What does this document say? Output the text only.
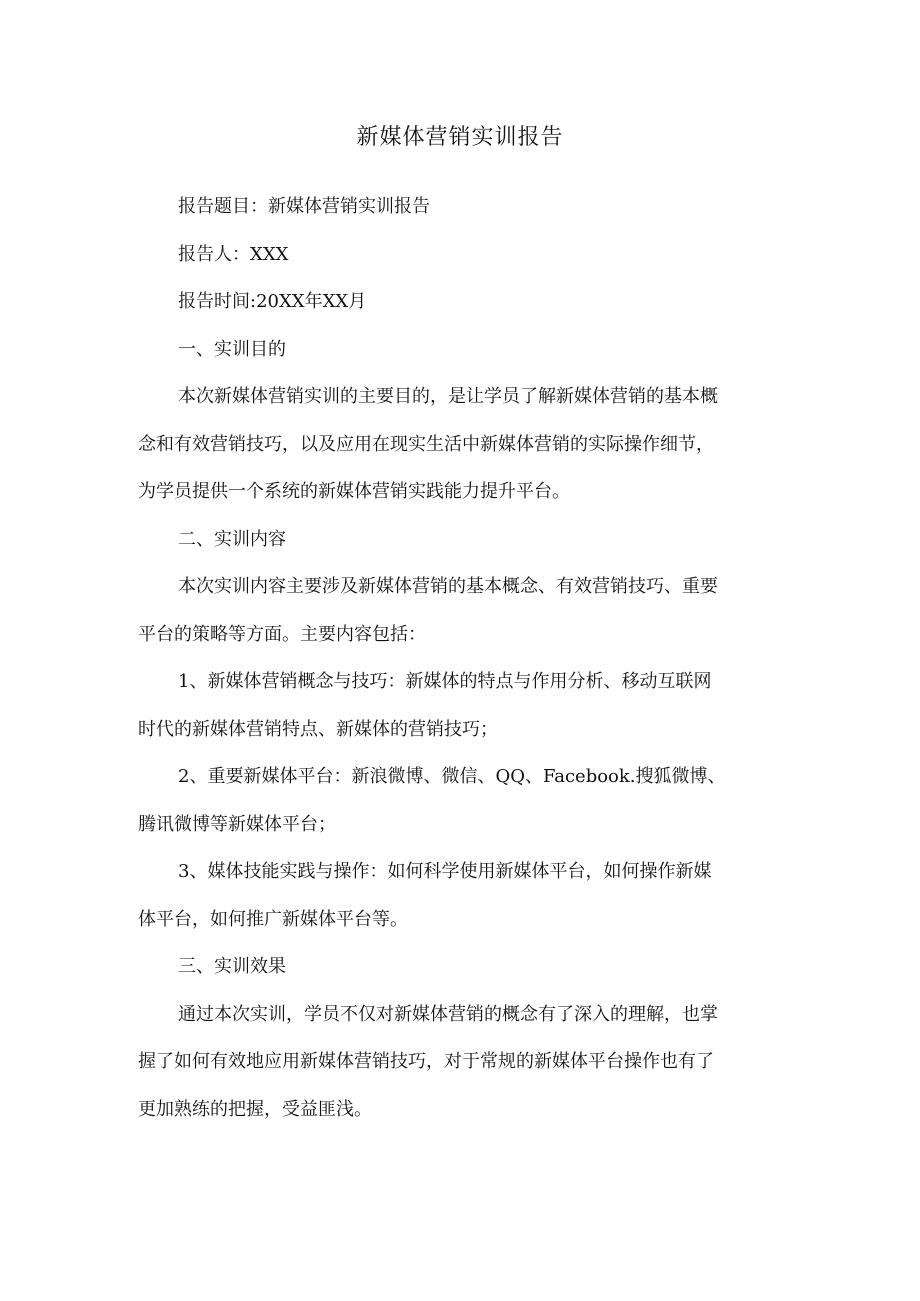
新媒体营销实训报告

报告题目：新媒体营销实训报告

报告人：XXX

报告时间:20XX年XX月

一、实训目的

本次新媒体营销实训的主要目的，是让学员了解新媒体营销的基本概

念和有效营销技巧，以及应用在现实生活中新媒体营销的实际操作细节，

为学员提供一个系统的新媒体营销实践能力提升平台。

二、实训内容

本次实训内容主要涉及新媒体营销的基本概念、有效营销技巧、重要

平台的策略等方面。主要内容包括：

1、新媒体营销概念与技巧：新媒体的特点与作用分析、移动互联网

时代的新媒体营销特点、新媒体的营销技巧；

2、重要新媒体平台：新浪微博、微信、QQ、Facebook.搜狐微博、

腾讯微博等新媒体平台；

3、媒体技能实践与操作：如何科学使用新媒体平台，如何操作新媒

体平台，如何推广新媒体平台等。

三、实训效果

通过本次实训，学员不仅对新媒体营销的概念有了深入的理解，也掌

握了如何有效地应用新媒体营销技巧，对于常规的新媒体平台操作也有了

更加熟练的把握，受益匪浅。
